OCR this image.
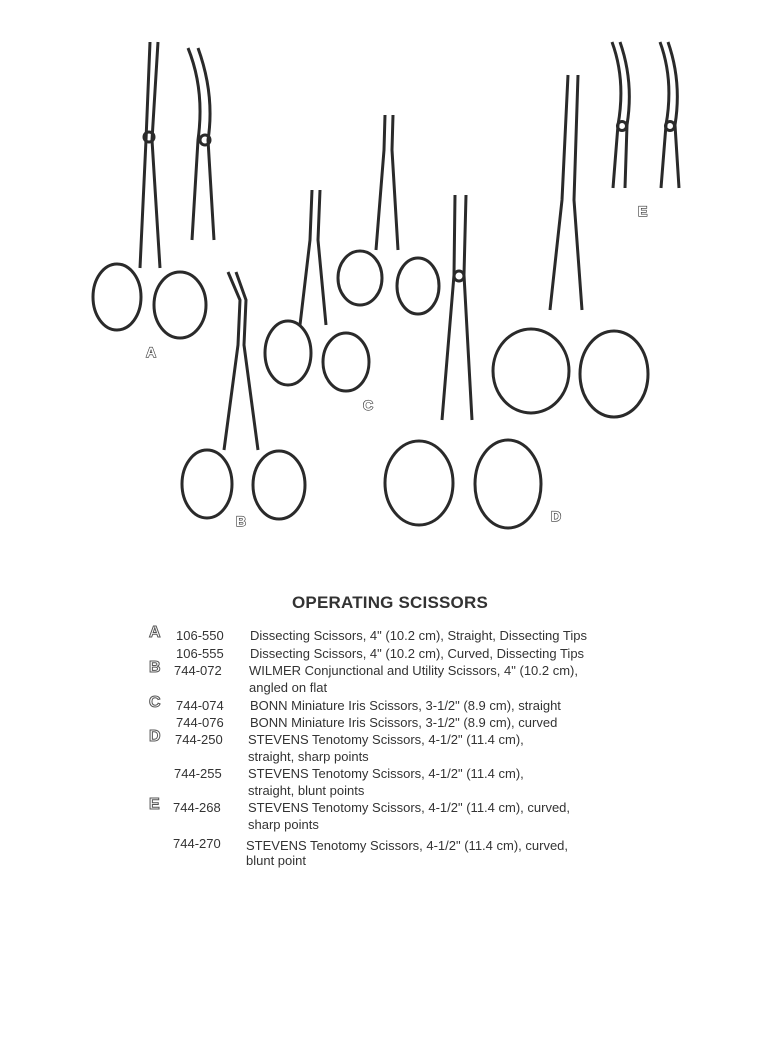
A
B
C
D
E
OPERATING SCISSORS
A 106-550 Dissecting Scissors, 4" (10.2 cm), Straight, Dissecting Tips
106-555 Dissecting Scissors, 4" (10.2 cm), Curved, Dissecting Tips
B 744-072 WILMER Conjunctional and Utility Scissors, 4" (10.2 cm),
angled on flat
C 744-074 BONN Miniature Iris Scissors, 3-1/2" (8.9 cm), straight
744-076 BONN Miniature Iris Scissors, 3-1/2" (8.9 cm), curved
D 744-250 STEVENS Tenotomy Scissors, 4-1/2" (11.4 cm),
straight, sharp points
744-255 STEVENS Tenotomy Scissors, 4-1/2" (11.4 cm),
straight, blunt points
E 744-268 STEVENS Tenotomy Scissors, 4-1/2" (11.4 cm), curved,
sharp points
744-270 STEVENS Tenotomy Scissors, 4-1/2" (11.4 cm), curved,
blunt point
